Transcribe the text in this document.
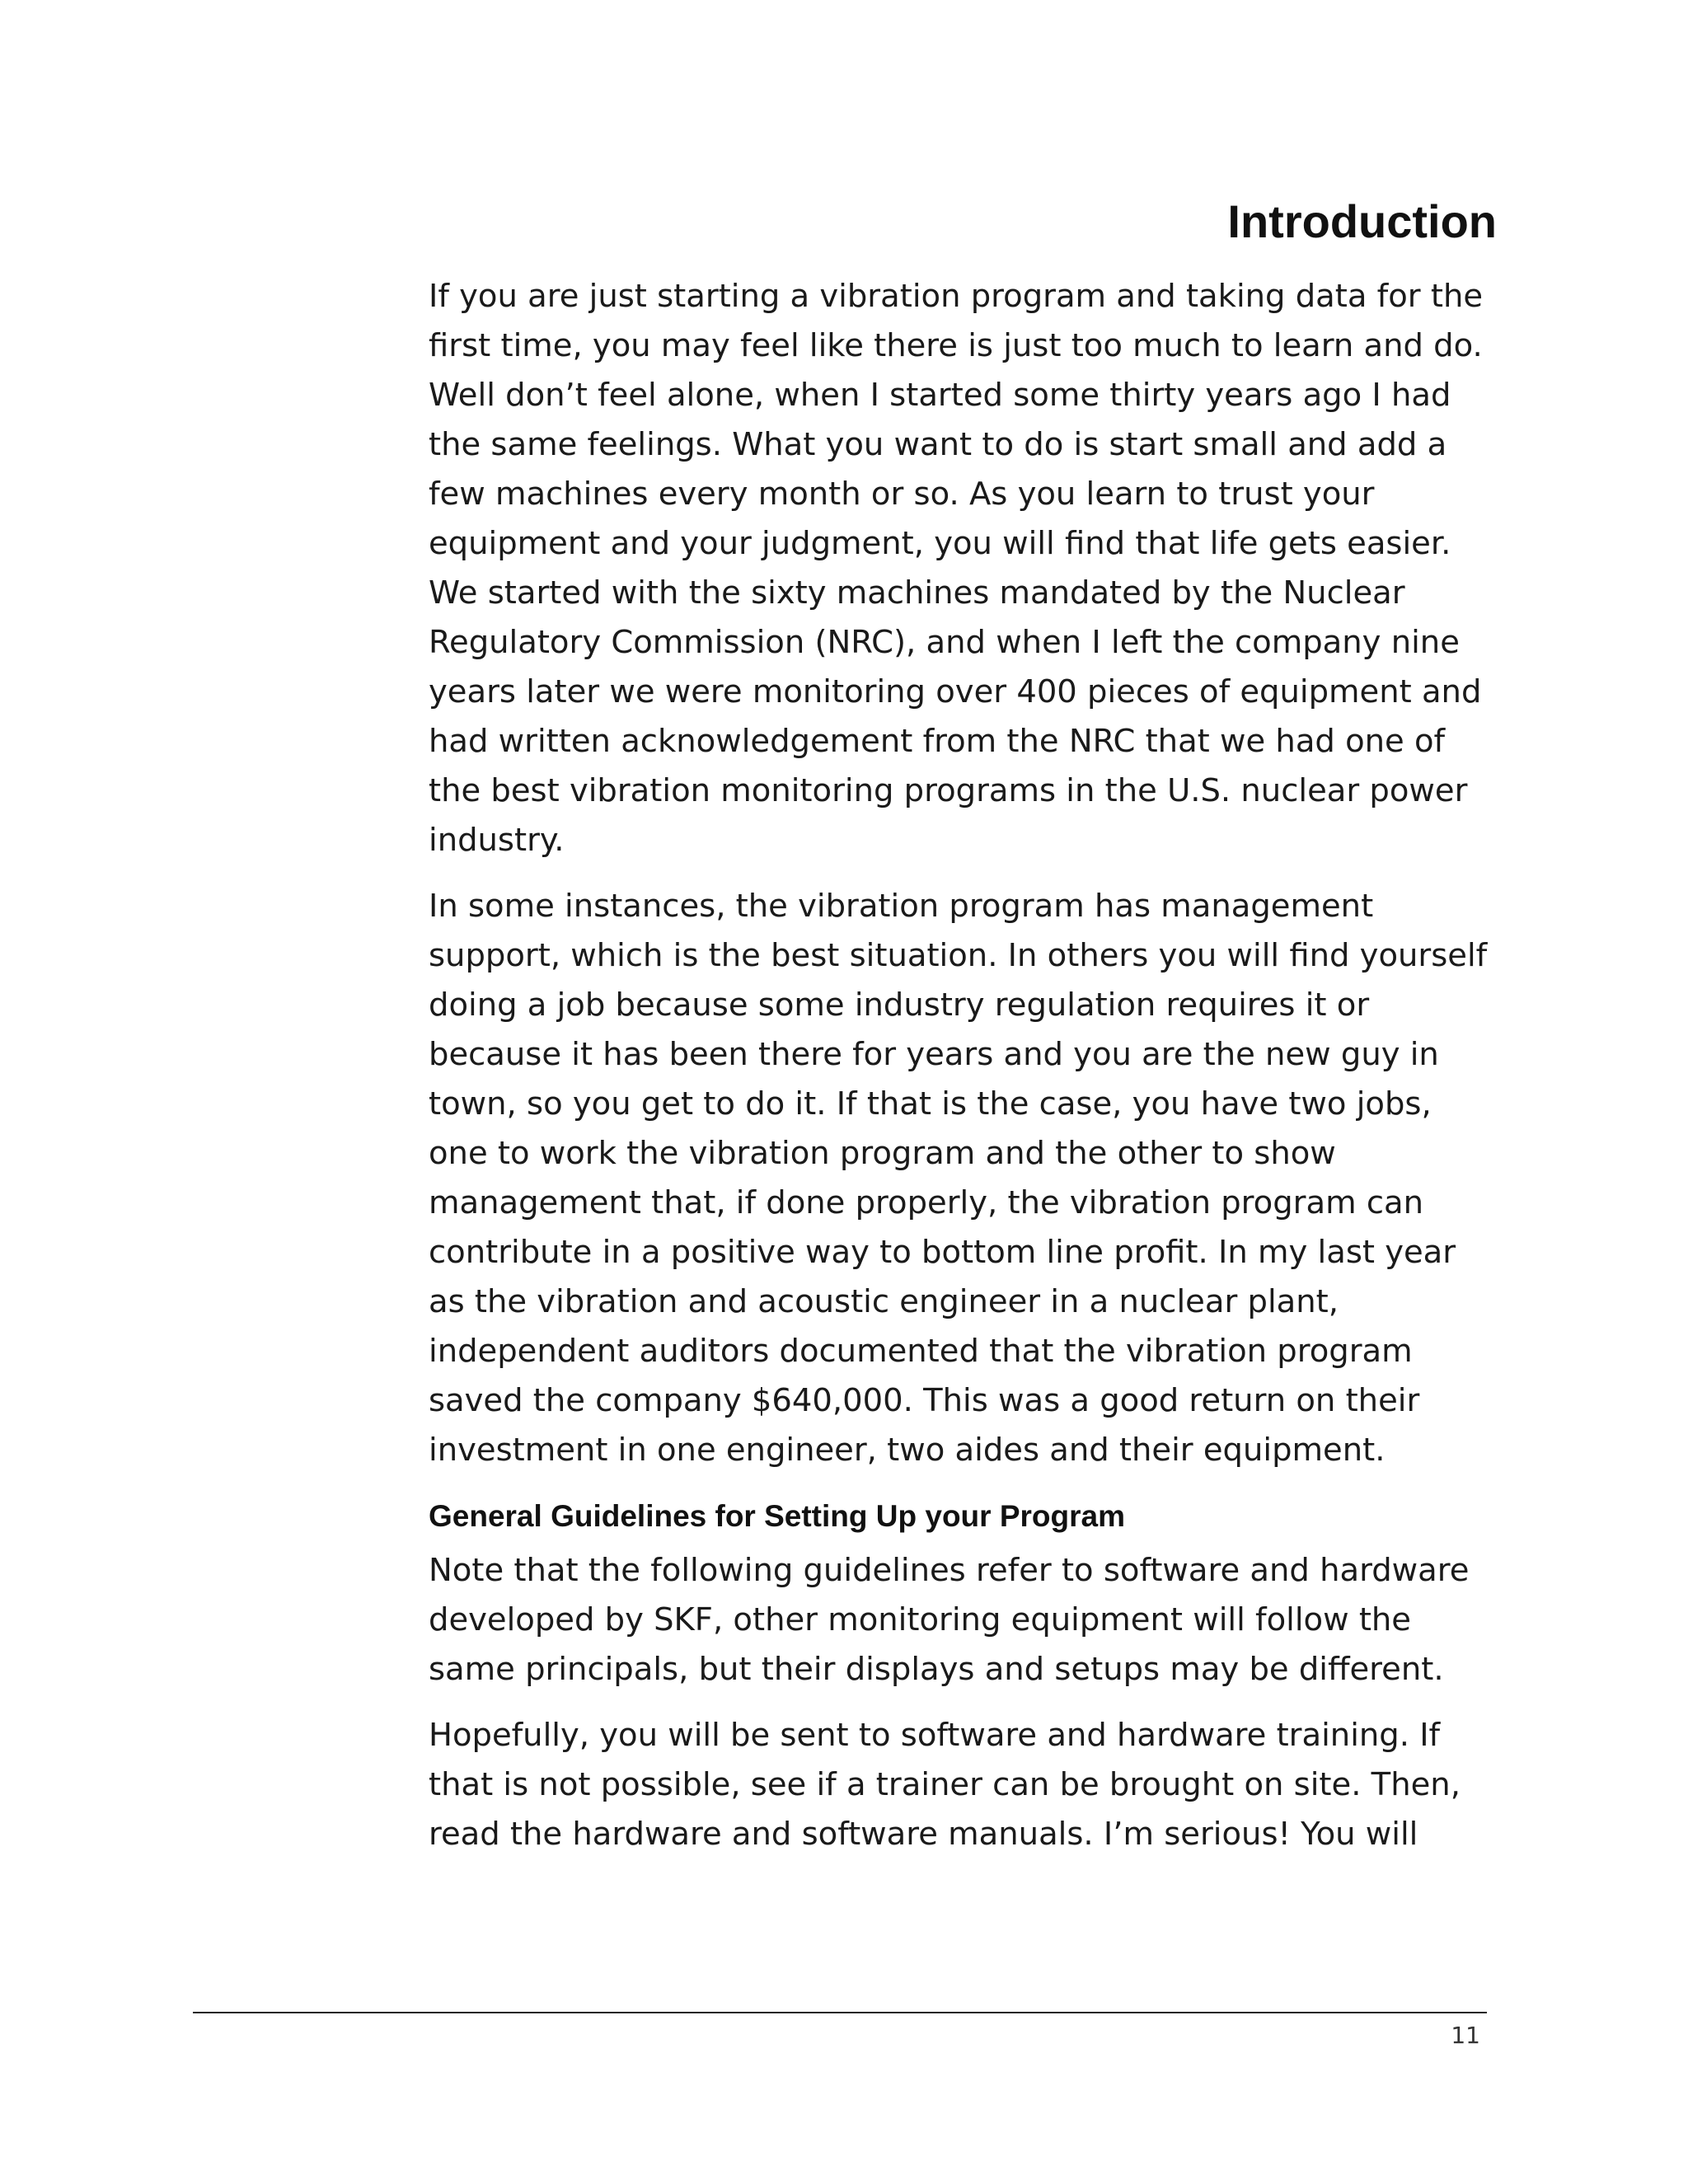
Introduction

If you are just starting a vibration program and taking data for the first time, you may feel like there is just too much to learn and do. Well don’t feel alone, when I started some thirty years ago I had the same feelings. What you want to do is start small and add a few machines every month or so. As you learn to trust your equipment and your judgment, you will find that life gets easier. We started with the sixty machines mandated by the Nuclear Regulatory Commission (NRC), and when I left the company nine years later we were monitoring over 400 pieces of equipment and had written acknowledgement from the NRC that we had one of the best vibration monitoring programs in the U.S. nuclear power industry.

In some instances, the vibration program has management support, which is the best situation. In others you will find yourself doing a job because some industry regulation requires it or because it has been there for years and you are the new guy in town, so you get to do it. If that is the case, you have two jobs, one to work the vibration program and the other to show management that, if done properly, the vibration program can contribute in a positive way to bottom line profit. In my last year as the vibration and acoustic engineer in a nuclear plant, independent auditors documented that the vibration program saved the company $640,000. This was a good return on their investment in one engineer, two aides and their equipment.

General Guidelines for Setting Up your Program

Note that the following guidelines refer to software and hardware developed by SKF, other monitoring equipment will follow the same principals, but their displays and setups may be different.

Hopefully, you will be sent to software and hardware training. If that is not possible, see if a trainer can be brought on site. Then, read the hardware and software manuals. I’m serious! You will

11
